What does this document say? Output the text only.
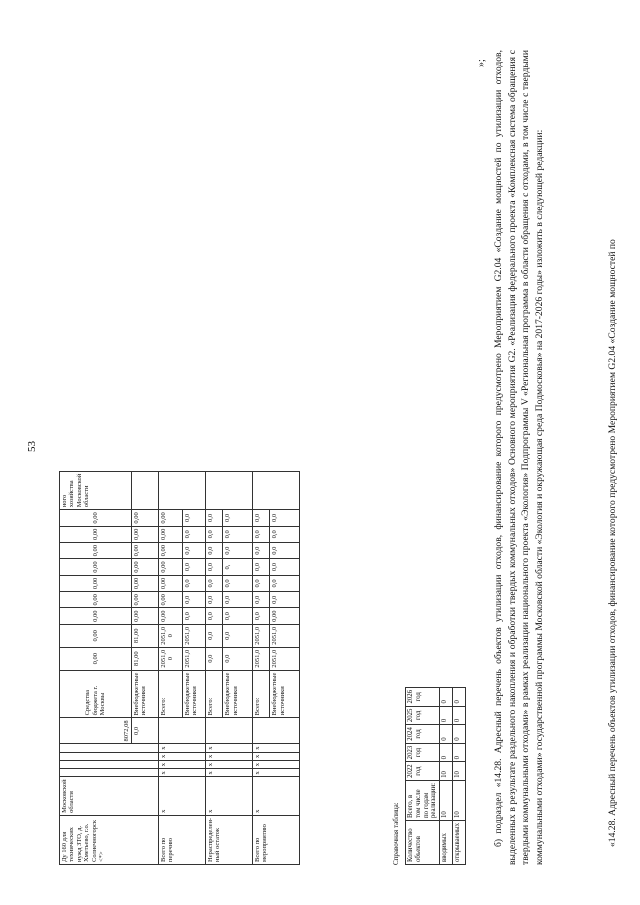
53
Ду 160 для технических нужд ЗТО, д. Хметьево, г.о. Солнечногорск <*>	Московской области					8072,08	Средства бюджета г. Москвы	0,00	0,00	0,00	0,00	0,00	0,00	0,00	0,00	0,00	ного хозяйства Московской области
						0,0	Внебюджетные источники	81,00	81,00	0,00	0,00	0,00	0,00	0,00	0,00	0,00	
Всего по перечню	x	x	x	x	x		Всего:	2051,0 0	2051,0 0	0,00	0,00	0,00	0,00	0,00	0,00	0,00	
							Внебюджетные источники	2051,0	2051,0	0,0	0,0	0,0	0,0	0,0	0,0	0,0	
Нераспределен-ный остаток	x	x	x	x	x		Всего:	0,0	0,0	0,0	0,0	0,0	0,0	0,0	0,0	0,0	
							Внебюджетные источники	0,0	0,0	0,0	0,0	0,0	0,	0,0	0,0	0,0	
Всего по мероприятию	x	x	x	x	x		Всего:	2051,0	2051,0	0,0	0,0	0,0	0,0	0,0	0,0	0,0	
							Внебюджетные источники	2051,0	2051,0	0,00	0,0	0,0	0,0	0,0	0,0	0,0	
Справочная таблица: Количество объектов	Всего, в том числе по годам реализации:	2022 год	2023 год	2024 год	2025 год	2026 год
вводимых	10	10	0	0	0	0
открываемых	10	10	0	0	0	0
»; б) подраздел «14.28. Адресный перечень объектов утилизации отходов, финансирование которого предусмотрено Мероприятием G2.04 «Создание мощностей по утилизации отходов, выделенных в результате раздельного накопления и обработки твердых коммунальных отходов» Основного мероприятия G2. «Реализация федерального проекта «Комплексная система обращения с твердыми коммунальными отходами» в рамках реализации национального проекта «Экология» Подпрограммы V «Региональная программа в области обращения с отходами, в том числе с твердыми коммунальными отходами» государственной программы Московской области «Экология и окружающая среда Подмосковья» на 2017-2026 годы» изложить в следующей редакции:	«14.28. Адресный перечень объектов утилизации отходов, финансирование которого предусмотрено Мероприятием G2.04 «Создание мощностей по
